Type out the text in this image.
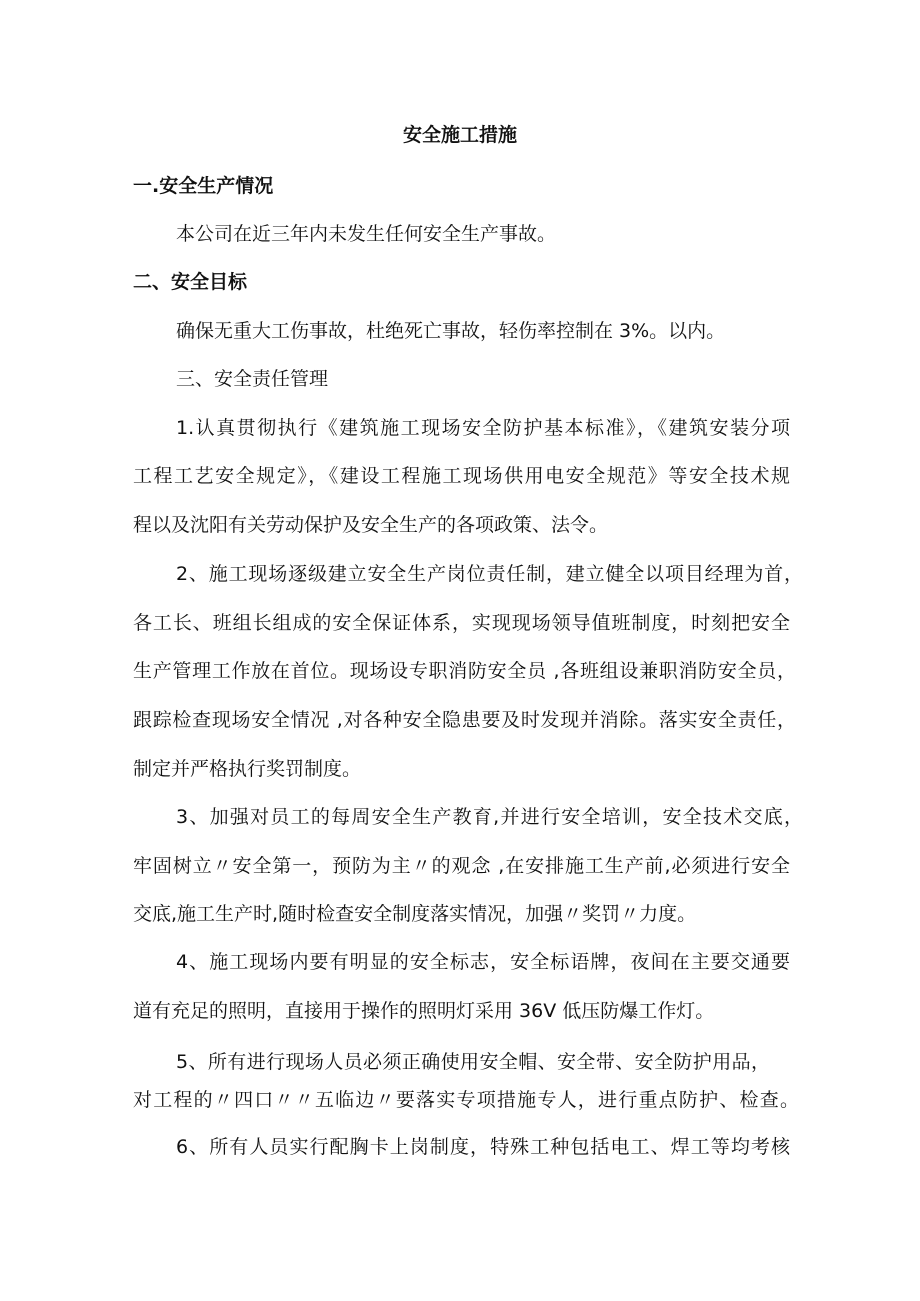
安全施工措施
一.安全生产情况
本公司在近三年内未发生任何安全生产事故。
二、安全目标
确保无重大工伤事故，杜绝死亡事故，轻伤率控制在 3%。以内。
三、安全责任管理
1.认真贯彻执行《建筑施工现场安全防护基本标准》，《建筑安装分项
工程工艺安全规定》，《建设工程施工现场供用电安全规范》等安全技术规
程以及沈阳有关劳动保护及安全生产的各项政策、法令。
2、施工现场逐级建立安全生产岗位责任制，建立健全以项目经理为首，
各工长、班组长组成的安全保证体系，实现现场领导值班制度，时刻把安全
生产管理工作放在首位。现场设专职消防安全员 ,各班组设兼职消防安全员，
跟踪检查现场安全情况 ,对各种安全隐患要及时发现并消除。落实安全责任，
制定并严格执行奖罚制度。
3、加强对员工的每周安全生产教育,并进行安全培训，安全技术交底，
牢固树立〃安全第一，预防为主〃的观念 ,在安排施工生产前,必须进行安全
交底,施工生产时,随时检查安全制度落实情况，加强〃奖罚〃力度。
4、施工现场内要有明显的安全标志，安全标语牌，夜间在主要交通要
道有充足的照明，直接用于操作的照明灯采用 36V 低压防爆工作灯。
5、所有进行现场人员必须正确使用安全帽、安全带、安全防护用品，
对工程的〃四口〃〃五临边〃要落实专项措施专人，进行重点防护、检查。
6、所有人员实行配胸卡上岗制度，特殊工种包括电工、焊工等均考核
